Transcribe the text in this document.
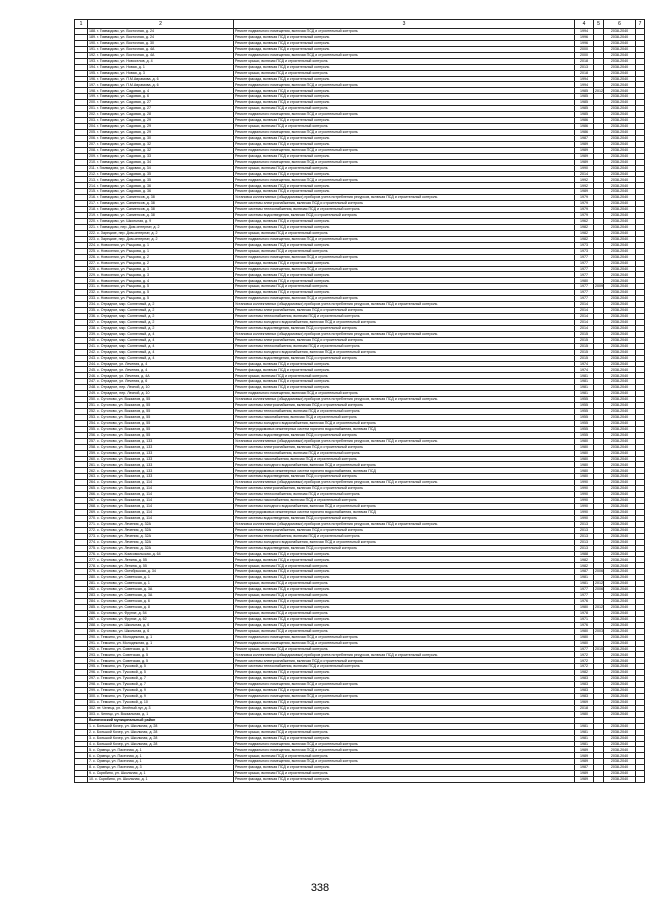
1	2	3	4	5	6	7
	188. г. Гиммидово, ул. Восточная, д. 24	Ремонт подвального помещения, включая ПСД и строительный контроль	1994		2038-2040	
	189. г. Гиммидово, ул. Восточная, д. 24	Ремонт фасада, включая ПСД и строительный контроль	1996		2038-2040	
	190. г. Гиммидово, ул. Восточная, д. 30	Ремонт фасада, включая ПСД и строительный контроль	1996		2038-2040	
	191. г. Гиммидово, ул. Восточная, д. 4А	Ремонт фасада, включая ПСД и строительный контроль	2000		2038-2040	
	192. г. Гиммидово, ул. Восточная, д. 4А	Ремонт подвального помещения, включая ПСД и строительный контроль	2000		2038-2040	
	193. г. Гиммидово, ул. Новоселов, д. 4	Ремонт крыши, включая ПСД и строительный контроль	2018		2038-2040	
	194. г. Гиммидово, ул. Новая, д. 1	Ремонт фасада, включая ПСД и строительный контроль	2013		2038-2040	
	195. г. Гиммидово, ул. Новая, д. 3	Ремонт крыши, включая ПСД и строительный контроль	2018		2038-2040	
	196. г. Гиммидово, ул. П.М.Аврамова, д. 6	Ремонт фасада, включая ПСД и строительный контроль	1994		2038-2040	
	197. г. Гиммидово, ул. П.М.Аврамова, д. 6	Ремонт подвального помещения, включая ПСД и строительный контроль	1994		2038-2040	
	198. г. Гиммидово, ул. Садовая, д. 4	Ремонт фасада, включая ПСД и строительный контроль	1985	2012	2038-2040	
	199. г. Гиммидово, ул. Садовая, д. 6	Ремонт фасада, включая ПСД и строительный контроль	1985		2038-2040	
	200. г. Гиммидово, ул. Садовая, д. 27	Ремонт фасада, включая ПСД и строительный контроль	1985		2038-2040	
	201. г. Гиммидово, ул. Садовая, д. 27	Ремонт крыши, включая ПСД и строительный контроль	1985		2038-2040	
	202. г. Гиммидово, ул. Садовая, д. 28	Ремонт подвального помещения, включая ПСД и строительный контроль	1985		2038-2040	
	203. г. Гиммидово, ул. Садовая, д. 29	Ремонт фасада, включая ПСД и строительный контроль	1986		2038-2040	
	204. г. Гиммидово, ул. Садовая, д. 29	Ремонт крыши, включая ПСД и строительный контроль	1986		2038-2040	
	205. г. Гиммидово, ул. Садовая, д. 29	Ремонт подвального помещения, включая ПСД и строительный контроль	1986		2038-2040	
	206. г. Гиммидово, ул. Садовая, д. 30	Ремонт фасада, включая ПСД и строительный контроль	1987		2038-2040	
	207. г. Гиммидово, ул. Садовая, д. 32	Ремонт фасада, включая ПСД и строительный контроль	1989		2038-2040	
	208. г. Гиммидово, ул. Садовая, д. 32	Ремонт подвального помещения, включая ПСД и строительный контроль	1989		2038-2040	
	209. г. Гиммидово, ул. Садовая, д. 33	Ремонт фасада, включая ПСД и строительный контроль	1989		2038-2040	
	210. г. Гиммидово, ул. Садовая, д. 34	Ремонт подвального помещения, включая ПСД и строительный контроль	1989		2038-2040	
	211. г. Гиммидово, ул. Садовая, д. 34	Ремонт крыши, включая ПСД и строительный контроль	1990		2038-2040	
	212. г. Гиммидово, ул. Садовая, д. 35	Ремонт фасада, включая ПСД и строительный контроль	2014		2038-2040	
	213. г. Гиммидово, ул. Садовая, д. 35	Ремонт подвального помещения, включая ПСД и строительный контроль	1992		2038-2040	
	214. г. Гиммидово, ул. Садовая, д. 36	Ремонт фасада, включая ПСД и строительный контроль	1992		2038-2040	
	215. г. Гиммидово, ул. Садовая, д. 36	Ремонт фасада, включая ПСД и строительный контроль	1989		2038-2040	
	216. г. Гиммидово, ул. Сапиенсов, д. 38	Установка коллективных (общедомовых) приборов учета потребления ресурсов, включая ПСД и строительный контроль	1979		2038-2040	
	217. г. Гиммидово, ул. Сапиенсов, д. 38	Ремонт системы электроснабжения, включая ПСД и строительный контроль	1979		2038-2040	
	218. г. Гиммидово, ул. Сапиенсов, д. 38	Ремонт системы теплоснабжения, включая ПСД и строительный контроль	1979		2038-2040	
	219. г. Гиммидово, ул. Сапиенсов, д. 38	Ремонт системы водоотведения, включая ПСД и строительный контроль	1979		2038-2040	
	220. г. Гиммидово, ул. Школьная, д. 9	Ремонт фасада, включая ПСД и строительный контроль	1962		2038-2040	
	221. г. Гиммидово, пер. Дом-интернат, д. 2	Ремонт фасада, включая ПСД и строительный контроль	1982		2038-2040	
	222. с. Зарецкие, пер. Дом-интернат, д. 2	Ремонт крыши, включая ПСД и строительный контроль	1982		2038-2040	
	223. с. Зарецкие, пер. Дом-интернат, д. 2	Ремонт подвального помещения, включая ПСД и строительный контроль	1982		2038-2040	
	224. с. Новоселки, ул. Рыцкова, д. 1	Ремонт фасада, включая ПСД и строительный контроль	1973		2038-2040	
	225. с. Новоселки, ул. Рыцкова, д. 1	Ремонт крыши, включая ПСД и строительный контроль	1973		2038-2040	
	226. с. Новоселки, ул. Рыцкова, д. 2	Ремонт подвального помещения, включая ПСД и строительный контроль	1977		2038-2040	
	227. с. Новоселки, ул. Рыцкова, д. 2	Ремонт фасада, включая ПСД и строительный контроль	1977		2038-2040	
	228. с. Новоселки, ул. Рыцкова, д. 3	Ремонт подвального помещения, включая ПСД и строительный контроль	1977		2038-2040	
	229. с. Новоселки, ул. Рыцкова, д. 3	Ремонт фасада, включая ПСД и строительный контроль	1977		2038-2040	
	230. с. Новоселки, ул. Рыцкова, д. 4	Ремонт фасада, включая ПСД и строительный контроль	1980		2038-2040	
	231. с. Новоселки, ул. Рыцкова, д. 5	Ремонт крыши, включая ПСД и строительный контроль	1977	2009	2038-2040	
	232. с. Новоселки, ул. Рыцкова, д. 5	Ремонт фасада, включая ПСД и строительный контроль	1977		2038-2040	
	233. с. Новоселки, ул. Рыцкова, д. 5	Ремонт подвального помещения, включая ПСД и строительный контроль	1977		2038-2040	
	234. с. Отрадное, мкр. Солнечный, д. 2	Установка коллективных (общедомовых) приборов учета потребления ресурсов, включая ПСД и строительный контроль	2014		2038-2040	
	235. с. Отрадное, мкр. Солнечный, д. 2	Ремонт системы электроснабжения, включая ПСД и строительный контроль	2014		2038-2040	
	236. с. Отрадное, мкр. Солнечный, д. 2	Ремонт системы теплоснабжения, включая ПСД и строительный контроль	2014		2038-2040	
	237. с. Отрадное, мкр. Солнечный, д. 2	Ремонт системы холодного водоснабжения, включая ПСД и строительный контроль	2014		2038-2040	
	238. с. Отрадное, мкр. Солнечный, д. 2	Ремонт системы водоотведения, включая ПСД и строительный контроль	2014		2038-2040	
	239. с. Отрадное, мкр. Солнечный, д. 4	Установка коллективных (общедомовых) приборов учета потребления ресурсов, включая ПСД и строительный контроль	2015		2038-2040	
	240. с. Отрадное, мкр. Солнечный, д. 4	Ремонт системы электроснабжения, включая ПСД и строительный контроль	2015		2038-2040	
	241. с. Отрадное, мкр. Солнечный, д. 4	Ремонт системы теплоснабжения, включая ПСД и строительный контроль	2015		2038-2040	
	242. с. Отрадное, мкр. Солнечный, д. 4	Ремонт системы холодного водоснабжения, включая ПСД и строительный контроль	2015		2038-2040	
	243. с. Отрадное, мкр. Солнечный, д. 4	Ремонт системы водоотведения, включая ПСД и строительный контроль	2015		2038-2040	
	244. с. Отрадное, ул. Лечения, д. 4	Ремонт фасада, включая ПСД и строительный контроль	1974		2038-2040	
	245. с. Отрадное, ул. Лечения, д. 4	Ремонт фасада, включая ПСД и строительный контроль	1974		2038-2040	
	246. с. Отрадное, ул. Лечения, д. 4А	Ремонт крыши, включая ПСД и строительный контроль	1981		2038-2040	
	247. с. Отрадное, ул. Лечения, д. 6	Ремонт фасада, включая ПСД и строительный контроль	1981		2038-2040	
	248. с. Отрадное, пер. Лесной, д. 10	Ремонт фасада, включая ПСД и строительный контроль	1981		2038-2040	
	249. с. Отрадное, пер. Лесной, д. 10	Ремонт подвального помещения, включая ПСД и строительный контроль	1981		2038-2040	
	250. с. Сутоново, ул. Вокзалов, д. 55	Установка коллективных (общедомовых) приборов учета потребления ресурсов, включая ПСД и строительный контроль	1955		2038-2040	
	251. с. Сутоново, ул. Вокзалов, д. 55	Ремонт системы электроснабжения, включая ПСД и строительный контроль	1955		2038-2040	
	252. с. Сутоново, ул. Вокзалов, д. 55	Ремонт системы теплоснабжения, включая ПСД и строительный контроль	1955		2038-2040	
	253. с. Сутоново, ул. Вокзалов, д. 55	Ремонт системы газоснабжения, включая ПСД и строительный контроль	1955		2038-2040	
	254. с. Сутоново, ул. Вокзалов, д. 55	Ремонт системы холодного водоснабжения, включая ПСД и строительный контроль	1955		2038-2040	
	255. с. Сутоново, ул. Вокзалов, д. 55	Ремонт внутридомовых инженерных систем горячего водоснабжения, включая ПСД	1955		2038-2040	
	256. с. Сутоново, ул. Вокзалов, д. 55	Ремонт системы водоотведения, включая ПСД и строительный контроль	1955		2038-2040	
	257. с. Сутоново, ул. Вокзалов, д. 133	Установка коллективных (общедомовых) приборов учета потребления ресурсов, включая ПСД и строительный контроль	1980		2038-2040	
	258. с. Сутоново, ул. Вокзалов, д. 133	Ремонт системы электроснабжения, включая ПСД и строительный контроль	1980		2038-2040	
	259. с. Сутоново, ул. Вокзалов, д. 133	Ремонт системы теплоснабжения, включая ПСД и строительный контроль	1980		2038-2040	
	260. с. Сутоново, ул. Вокзалов, д. 133	Ремонт системы газоснабжения, включая ПСД и строительный контроль	1980		2038-2040	
	261. с. Сутоново, ул. Вокзалов, д. 133	Ремонт системы холодного водоснабжения, включая ПСД и строительный контроль	1980		2038-2040	
	262. с. Сутоново, ул. Вокзалов, д. 133	Ремонт внутридомовых инженерных систем горячего водоснабжения, включая ПСД	1980		2038-2040	
	263. с. Сутоново, ул. Вокзалов, д. 133	Ремонт системы водоотведения, включая ПСД и строительный контроль	1980		2038-2040	
	264. с. Сутоново, ул. Вокзалов, д. 114	Установка коллективных (общедомовых) приборов учета потребления ресурсов, включая ПСД и строительный контроль	1990		2038-2040	
	265. с. Сутоново, ул. Вокзалов, д. 114	Ремонт системы электроснабжения, включая ПСД и строительный контроль	1990		2038-2040	
	266. с. Сутоново, ул. Вокзалов, д. 114	Ремонт системы теплоснабжения, включая ПСД и строительный контроль	1990		2038-2040	
	267. с. Сутоново, ул. Вокзалов, д. 114	Ремонт системы газоснабжения, включая ПСД и строительный контроль	1990		2038-2040	
	268. с. Сутоново, ул. Вокзалов, д. 114	Ремонт системы холодного водоснабжения, включая ПСД и строительный контроль	1990		2038-2040	
	269. с. Сутоново, ул. Вокзалов, д. 114	Ремонт внутридомовых инженерных систем горячего водоснабжения, включая ПСД	1990		2038-2040	
	270. с. Сутоново, ул. Вокзалов, д. 114	Ремонт системы водоотведения, включая ПСД и строительный контроль	1990		2038-2040	
	271. с. Сутоново, ул. Лечения, д. 32А	Установка коллективных (общедомовых) приборов учета потребления ресурсов, включая ПСД и строительный контроль	2013		2038-2040	
	272. с. Сутоново, ул. Лечения, д. 32А	Ремонт системы электроснабжения, включая ПСД и строительный контроль	2013		2038-2040	
	273. с. Сутоново, ул. Лечения, д. 32А	Ремонт системы теплоснабжения, включая ПСД и строительный контроль	2013		2038-2040	
	274. с. Сутоново, ул. Лечения, д. 32А	Ремонт системы холодного водоснабжения, включая ПСД и строительный контроль	2013		2038-2040	
	275. с. Сутоново, ул. Лечения, д. 32А	Ремонт системы водоотведения, включая ПСД и строительный контроль	2013		2038-2040	
	276. с. Сутоново, ул. Комсомольская, д. 64	Ремонт фасада, включая ПСД и строительный контроль	1988		2038-2040	
	277. с. Сутоново, ул. Ленина, д. 55	Ремонт фасада, включая ПСД и строительный контроль	1982		2038-2040	
	278. с. Сутоново, ул. Ленина, д. 55	Ремонт крыши, включая ПСД и строительный контроль	1982		2038-2040	
	279. с. Сутоново, ул. Октябрьская, д. 34	Ремонт фасада, включая ПСД и строительный контроль	1987	2006	2038-2040	
	280. с. Сутоново, ул. Советская, д. 1	Ремонт фасада, включая ПСД и строительный контроль	1981		2038-2040	
	281. с. Сутоново, ул. Советская, д. 1	Ремонт крыши, включая ПСД и строительный контроль	1981	2012	2038-2040	
	282. с. Сутоново, ул. Советская, д. 3А	Ремонт фасада, включая ПСД и строительный контроль	1977	2006	2038-2040	
	283. с. Сутоново, ул. Советская, д. 3А	Ремонт крыши, включая ПСД и строительный контроль	1977		2038-2040	
	284. с. Сутоново, ул. Советская, д. 6	Ремонт фасада, включая ПСД и строительный контроль	1976		2038-2040	
	285. с. Сутоново, ул. Советская, д. 8	Ремонт фасада, включая ПСД и строительный контроль	1980	2012	2038-2040	
	286. с. Сутоново, ул. Фрунзе, д. 54	Ремонт крыши, включая ПСД и строительный контроль	1978		2038-2040	
	287. с. Сутоново, ул. Фрунзе, д. 62	Ремонт фасада, включая ПСД и строительный контроль	1971		2038-2040	
	288. с. Сутоново, ул. Школьная, д. 6	Ремонт фасада, включая ПСД и строительный контроль	1976		2038-2040	
	289. с. Сутоново, ул. Школьная, д. 6	Ремонт крыши, включая ПСД и строительный контроль	1980	2003	2038-2040	
	290. с. Темкино, ул. Молодежная, д. 1	Ремонт подвального помещения, включая ПСД и строительный контроль	1980		2038-2040	
	291. с. Темкино, ул. Молодежная, д. 1	Ремонт подвального помещения, включая ПСД и строительный контроль	1980		2038-2040	
	292. с. Темкино, ул. Советская, д. 5	Ремонт крыши, включая ПСД и строительный контроль	1977	2010	2038-2040	
	293. с. Темкино, ул. Советская, д. 5	Установка коллективных (общедомовых) приборов учета потребления ресурсов, включая ПСД и строительный контроль	1972		2038-2040	
	294. с. Темкино, ул. Советская, д. 5	Ремонт системы электроснабжения, включая ПСД и строительный контроль	1972		2038-2040	
	295. с. Темкино, ул. Тучковой, д. 5	Ремонт системы теплоснабжения, включая ПСД и строительный контроль	1972		2038-2040	
	296. с. Темкино, ул. Тучковой, д. 5	Ремонт фасада, включая ПСД и строительный контроль	1982		2038-2040	
	297. с. Темкино, ул. Тучковой, д. 7	Ремонт фасада, включая ПСД и строительный контроль	1983		2038-2040	
	298. с. Темкино, ул. Тучковой, д. 7	Ремонт подвального помещения, включая ПСД и строительный контроль	1983		2038-2040	
	299. с. Темкино, ул. Тучковой, д. 9	Ремонт фасада, включая ПСД и строительный контроль	1983		2038-2040	
	300. с. Темкино, ул. Тучковой, д. 9	Ремонт подвального помещения, включая ПСД и строительный контроль	1983		2038-2040	
	301. с. Темкино, ул. Тучковой, д. 10	Ремонт фасада, включая ПСД и строительный контроль	1969		2038-2040	
	302. пт. Чепецк, ул. Зелёный луг, д. 3	Ремонт фасада, включая ПСД и строительный контроль	2018		2038-2040	
	303. с. Чепецк, ул. Вокзальная, д. 1	Ремонт фасада, включая ПСД и строительный контроль	1980		2038-2040	
	Выгоничский муниципальный район					
	1. с. Большой Кочер, ул. Школьная, д. 28	Ремонт фасада, включая ПСД и строительный контроль	1981		2038-2040	
	2. с. Большой Кочер, ул. Школьная, д. 28	Ремонт крыши, включая ПСД и строительный контроль	1981		2038-2040	
	3. с. Большой Кочер, ул. Школьная, д. 28	Ремонт фасада, включая ПСД и строительный контроль	1981		2038-2040	
	4. с. Большой Кочер, ул. Школьная, д. 28	Ремонт подвального помещения, включая ПСД и строительный контроль	1981		2038-2040	
	5. с. Ормецк, ул. Пасечная, д. 1	Ремонт подвального помещения, включая ПСД и строительный контроль	1989		2038-2040	
	6. с. Ормецк, ул. Пасечная, д. 1	Ремонт крыши, включая ПСД и строительный контроль	1989		2038-2040	
	7. с. Ормецк, ул. Пасечная, д. 1	Ремонт подвального помещения, включая ПСД и строительный контроль	1989		2038-2040	
	8. с. Ормецк, ул. Пасечная, д. 3	Ремонт фасада, включая ПСД и строительный контроль	1987		2038-2040	
	9. с. Скрябино, ул. Школьная, д. 1	Ремонт крыши, включая ПСД и строительный контроль	1989		2038-2040	
	10. с. Скрябино, ул. Школьная, д. 1	Ремонт фасада, включая ПСД и строительный контроль	1989		2038-2040	
338
